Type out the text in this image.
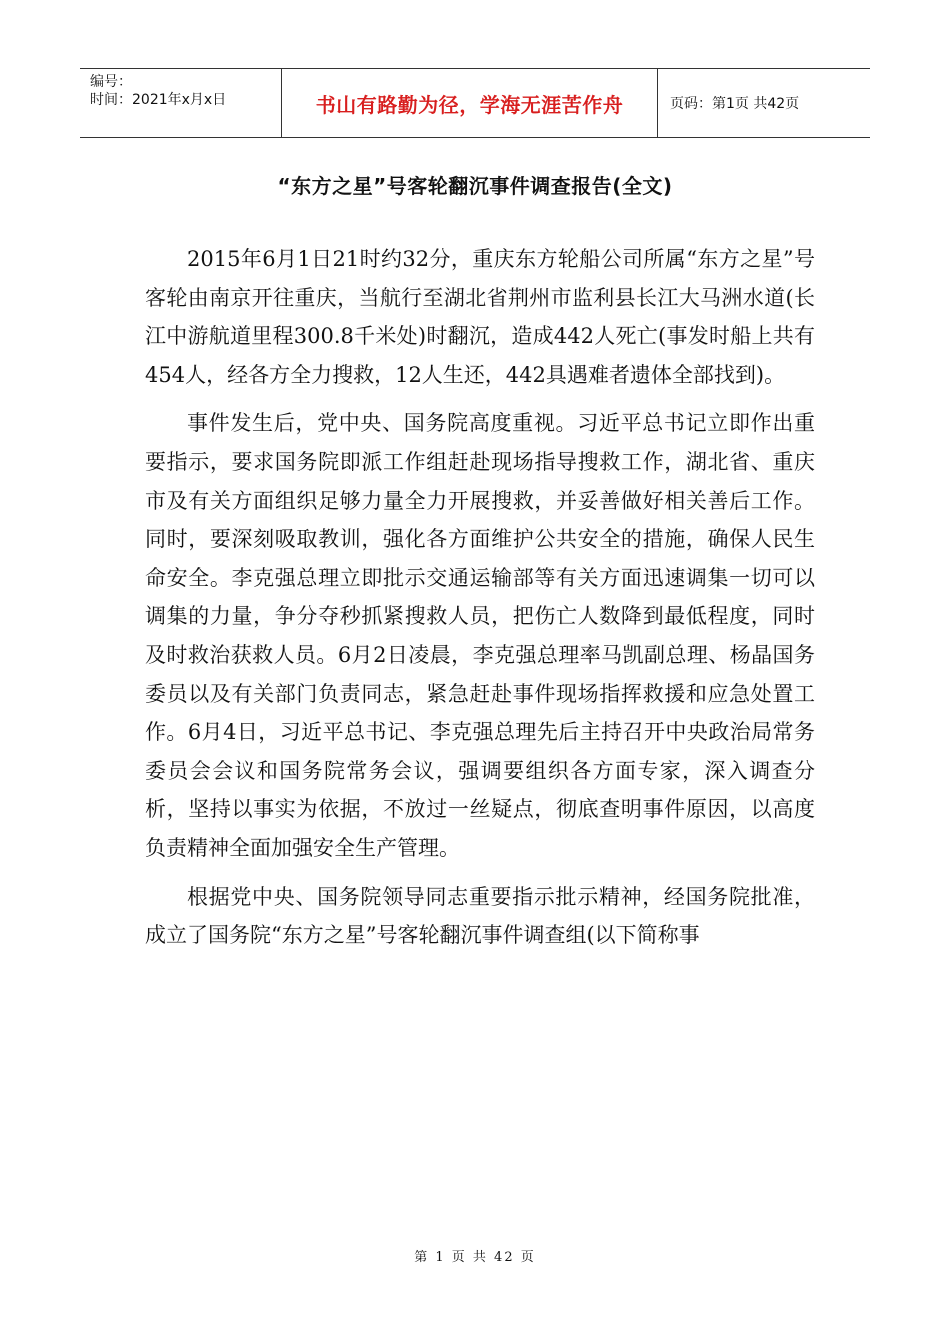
编号：
时间：2021年x月x日	书山有路勤为径，学海无涯苦作舟	页码：第1页 共42页
“东方之星”号客轮翻沉事件调查报告(全文)

2015年6月1日21时约32分，重庆东方轮船公司所属“东方之星”号客轮由南京开往重庆，当航行至湖北省荆州市监利县长江大马洲水道(长江中游航道里程300.8千米处)时翻沉，造成442人死亡(事发时船上共有454人，经各方全力搜救，12人生还，442具遇难者遗体全部找到)。

事件发生后，党中央、国务院高度重视。习近平总书记立即作出重要指示，要求国务院即派工作组赶赴现场指导搜救工作，湖北省、重庆市及有关方面组织足够力量全力开展搜救，并妥善做好相关善后工作。同时，要深刻吸取教训，强化各方面维护公共安全的措施，确保人民生命安全。李克强总理立即批示交通运输部等有关方面迅速调集一切可以调集的力量，争分夺秒抓紧搜救人员，把伤亡人数降到最低程度，同时及时救治获救人员。6月2日凌晨，李克强总理率马凯副总理、杨晶国务委员以及有关部门负责同志，紧急赶赴事件现场指挥救援和应急处置工作。6月4日，习近平总书记、李克强总理先后主持召开中央政治局常务委员会会议和国务院常务会议，强调要组织各方面专家，深入调查分析，坚持以事实为依据，不放过一丝疑点，彻底查明事件原因，以高度负责精神全面加强安全生产管理。

根据党中央、国务院领导同志重要指示批示精神，经国务院批准，成立了国务院“东方之星”号客轮翻沉事件调查组(以下简称事

第 1 页 共 42 页
